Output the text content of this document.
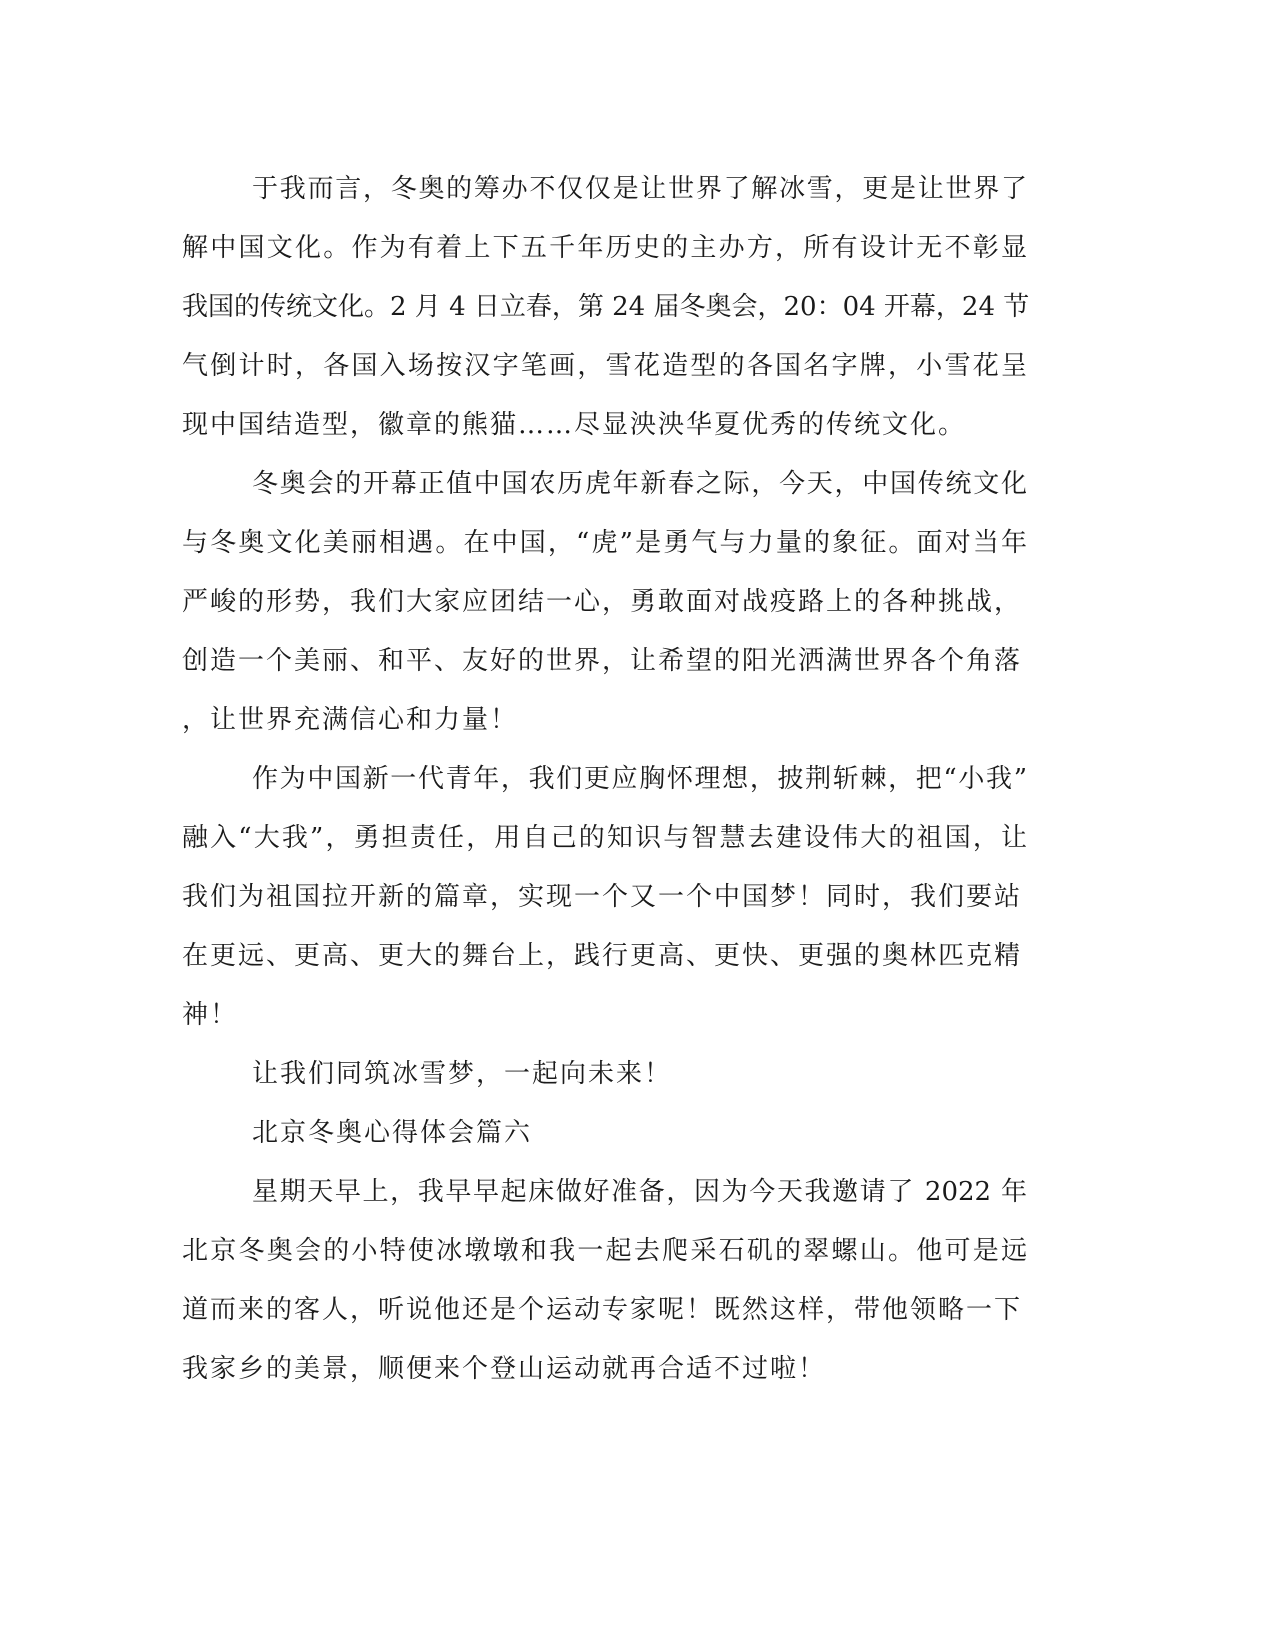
于我而言，冬奥的筹办不仅仅是让世界了解冰雪，更是让世界了
解中国文化。作为有着上下五千年历史的主办方，所有设计无不彰显
我国的传统文化。2 月 4 日立春，第 24 届冬奥会，20：04 开幕，24 节
气倒计时，各国入场按汉字笔画，雪花造型的各国名字牌，小雪花呈
现中国结造型，徽章的熊猫……尽显泱泱华夏优秀的传统文化。
冬奥会的开幕正值中国农历虎年新春之际，今天，中国传统文化
与冬奥文化美丽相遇。在中国，“虎”是勇气与力量的象征。面对当年
严峻的形势，我们大家应团结一心，勇敢面对战疫路上的各种挑战，
创造一个美丽、和平、友好的世界，让希望的阳光洒满世界各个角落
，让世界充满信心和力量！
作为中国新一代青年，我们更应胸怀理想，披荆斩棘，把“小我”
融入“大我”，勇担责任，用自己的知识与智慧去建设伟大的祖国，让
我们为祖国拉开新的篇章，实现一个又一个中国梦！同时，我们要站
在更远、更高、更大的舞台上，践行更高、更快、更强的奥林匹克精
神！
让我们同筑冰雪梦，一起向未来！
北京冬奥心得体会篇六
星期天早上，我早早起床做好准备，因为今天我邀请了 2022 年
北京冬奥会的小特使冰墩墩和我一起去爬采石矶的翠螺山。他可是远
道而来的客人，听说他还是个运动专家呢！既然这样，带他领略一下
我家乡的美景，顺便来个登山运动就再合适不过啦！
